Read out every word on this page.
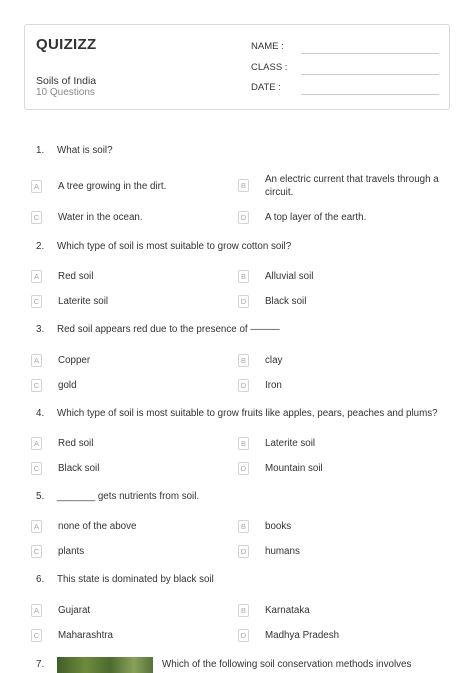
QUIZIZZ
Soils of India
10 Questions
NAME :
CLASS :
DATE :
1. What is soil?
A	A tree growing in the dirt.	B
An electric current that travels through a circuit.
C Water in the ocean.	D A top layer of the earth.
2. Which type of soil is most suitable to grow cotton soil?
A	Red soil	B	Alluvial soil
C Laterite soil	D Black soil
3. Red soil appears red due to the presence of ———
A	Copper	B	clay
C gold	D Iron
4. Which type of soil is most suitable to grow fruits like apples, pears, peaches and plums?
A	Red soil	B	Laterite soil
C Black soil	D Mountain soil
5. _______ gets nutrients from soil.
A	none of the above	B	books
C plants	D humans
6. This state is dominated by black soil
A	Gujarat	B	Karnataka
C Maharashtra	D Madhya Pradesh
7.	Which of the following soil conservation methods involves
